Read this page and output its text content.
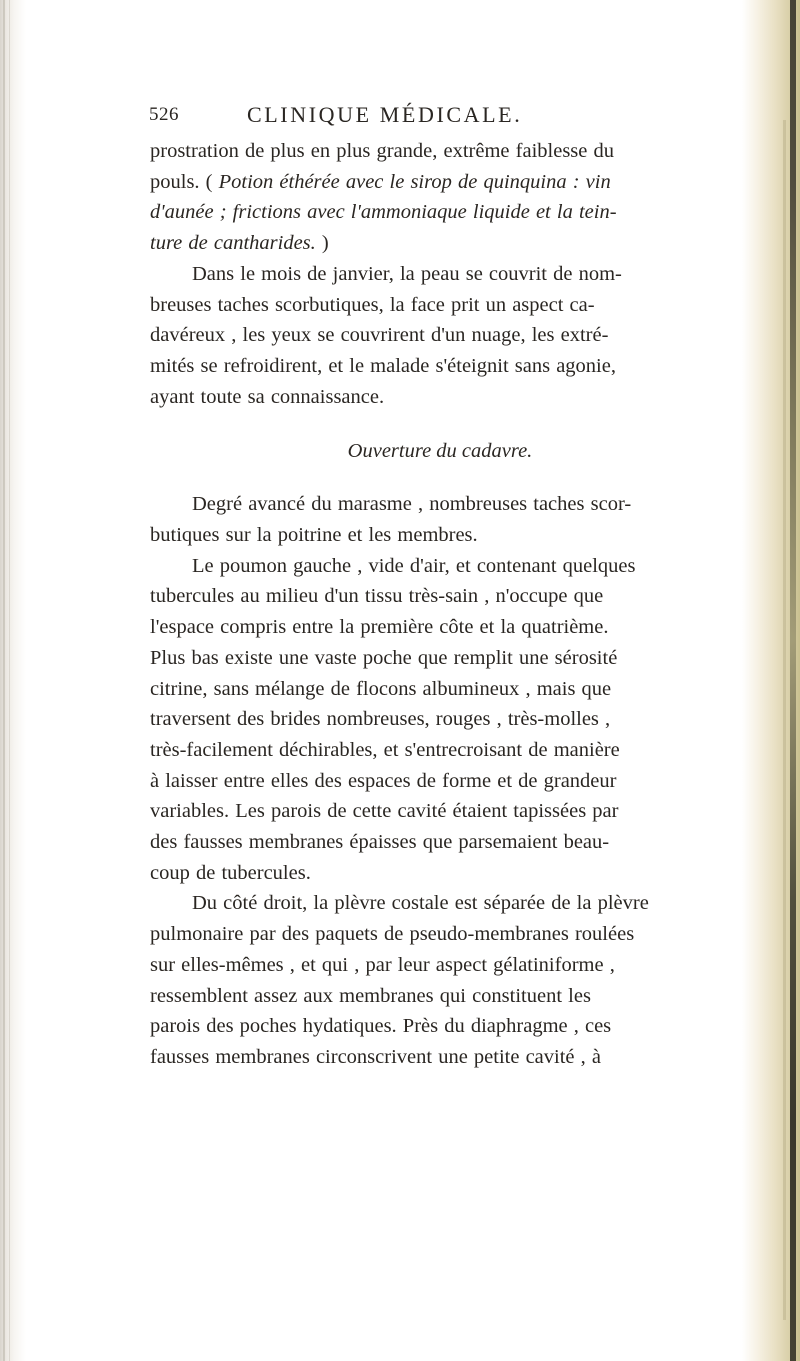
526	CLINIQUE MÉDICALE.
prostration de plus en plus grande, extrême faiblesse du
pouls. ( Potion éthérée avec le sirop de quinquina : vin
d'aunée ; frictions avec l'ammoniaque liquide et la tein-
ture de cantharides. )
Dans le mois de janvier, la peau se couvrit de nom-
breuses taches scorbutiques, la face prit un aspect ca-
davéreux , les yeux se couvrirent d'un nuage, les extré-
mités se refroidirent, et le malade s'éteignit sans agonie,
ayant toute sa connaissance.
Ouverture du cadavre.
Degré avancé du marasme , nombreuses taches scor-
butiques sur la poitrine et les membres.
Le poumon gauche , vide d'air, et contenant quelques
tubercules au milieu d'un tissu très-sain , n'occupe que
l'espace compris entre la première côte et la quatrième.
Plus bas existe une vaste poche que remplit une sérosité
citrine, sans mélange de flocons albumineux , mais que
traversent des brides nombreuses, rouges , très-molles ,
très-facilement déchirables, et s'entrecroisant de manière
à laisser entre elles des espaces de forme et de grandeur
variables. Les parois de cette cavité étaient tapissées par
des fausses membranes épaisses que parsemaient beau-
coup de tubercules.
Du côté droit, la plèvre costale est séparée de la plèvre
pulmonaire par des paquets de pseudo-membranes roulées
sur elles-mêmes , et qui , par leur aspect gélatiniforme ,
ressemblent assez aux membranes qui constituent les
parois des poches hydatiques. Près du diaphragme , ces
fausses membranes circonscrivent une petite cavité , à
